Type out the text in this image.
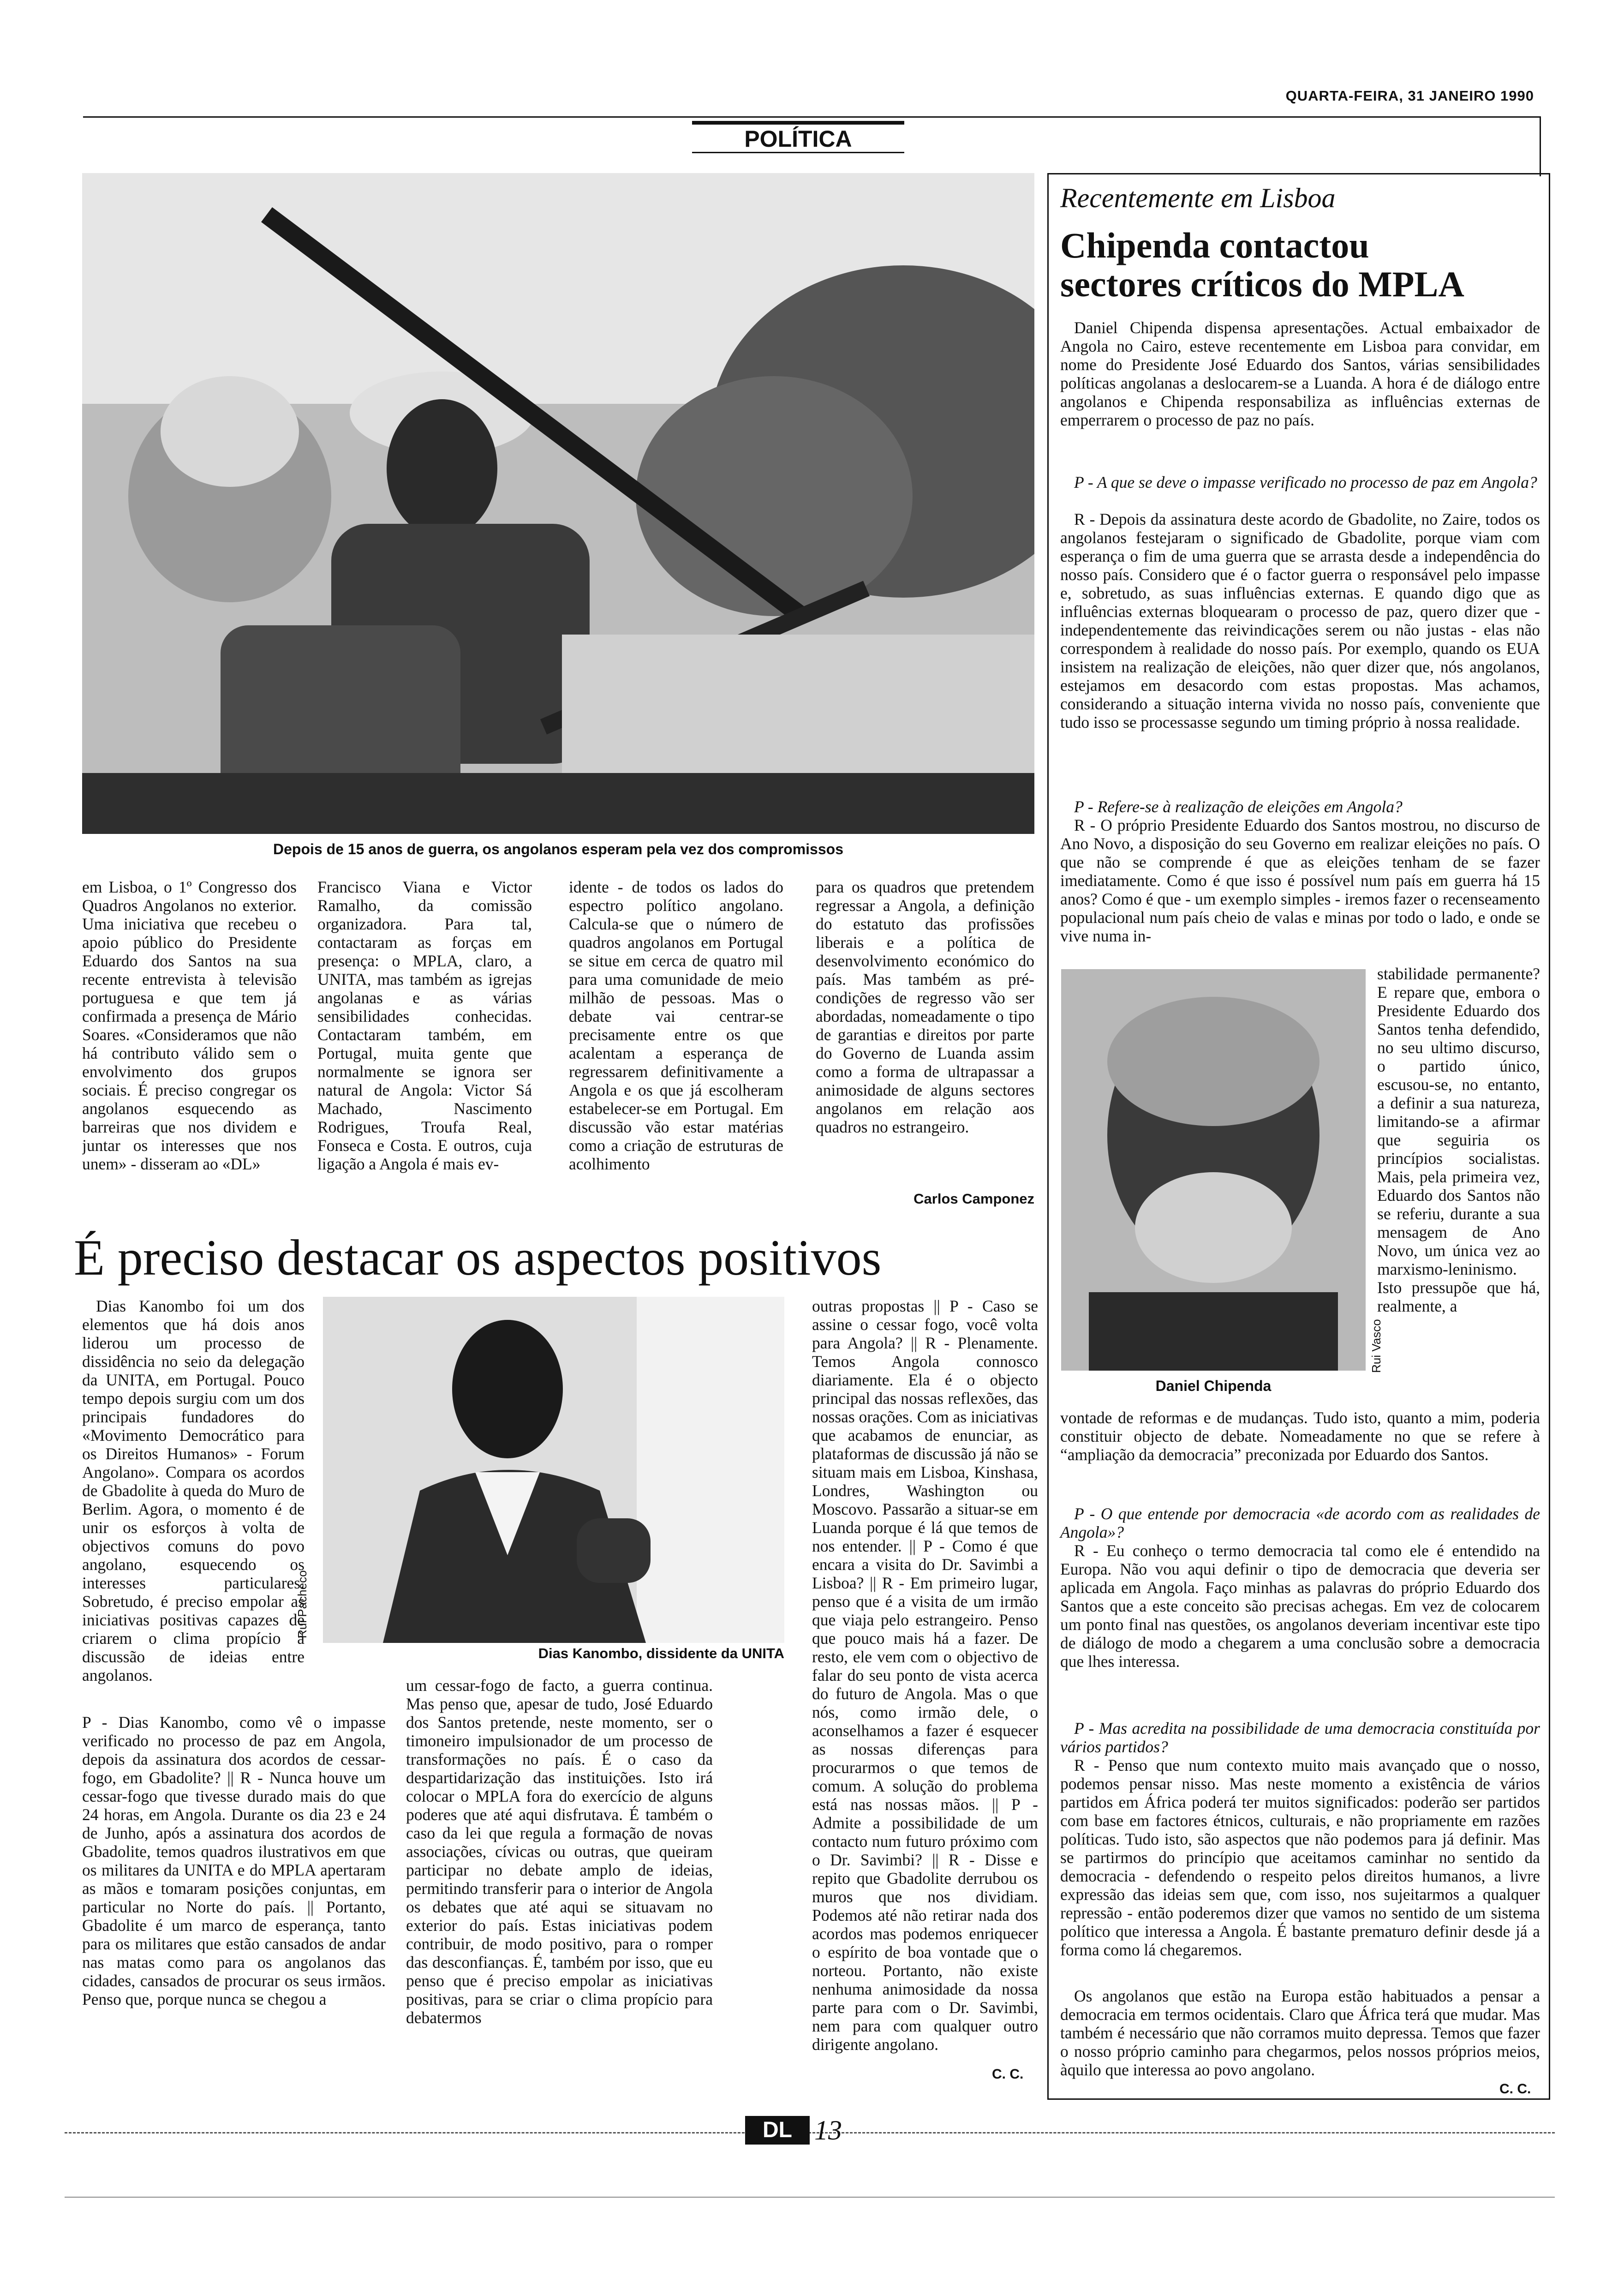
QUARTA-FEIRA, 31 JANEIRO 1990
POLÍTICA
Depois de 15 anos de guerra, os angolanos esperam pela vez dos compromissos
em Lisboa, o 1º Congresso dos Quadros Angolanos no exterior. Uma iniciativa que recebeu o apoio público do Presidente Eduardo dos Santos na sua recente entrevista à televisão portuguesa e que tem já confirmada a presença de Mário Soares. «Consideramos que não há contributo válido sem o envolvimento dos grupos sociais. É preciso congregar os angolanos esquecendo as barreiras que nos dividem e juntar os interesses que nos unem» - disseram ao «DL»
Francisco Viana e Victor Ramalho, da comissão organizadora. Para tal, contactaram as forças em presença: o MPLA, claro, a UNITA, mas também as igrejas angolanas e as várias sensibilidades conhecidas. Contactaram também, em Portugal, muita gente que normalmente se ignora ser natural de Angola: Victor Sá Machado, Nascimento Rodrigues, Troufa Real, Fonseca e Costa. E outros, cuja ligação a Angola é mais ev-
idente - de todos os lados do espectro político angolano. Calcula-se que o número de quadros angolanos em Portugal se situe em cerca de quatro mil para uma comunidade de meio milhão de pessoas. Mas o debate vai centrar-se precisamente entre os que acalentam a esperança de regressarem definitivamente a Angola e os que já escolheram estabelecer-se em Portugal. Em discussão vão estar matérias como a criação de estruturas de acolhimento
para os quadros que pretendem regressar a Angola, a definição do estatuto das profissões liberais e a política de desenvolvimento económico do país. Mas também as pré-condições de regresso vão ser abordadas, nomeadamente o tipo de garantias e direitos por parte do Governo de Luanda assim como a forma de ultrapassar a animosidade de alguns sectores angolanos em relação aos quadros no estrangeiro.
Carlos Camponez
É preciso destacar os aspectos positivos
Dias Kanombo foi um dos elementos que há dois anos liderou um processo de dissidência no seio da delegação da UNITA, em Portugal. Pouco tempo depois surgiu com um dos principais fundadores do «Movimento Democrático para os Direitos Humanos» - Forum Angolano». Compara os acordos de Gbadolite à queda do Muro de Berlim. Agora, o momento é de unir os esforços à volta de objectivos comuns do povo angolano, esquecendo os interesses particulares. Sobretudo, é preciso empolar as iniciativas positivas capazes de criarem o clima propício à discussão de ideias entre angolanos.
Rui Pacheco
Dias Kanombo, dissidente da UNITA
P - Dias Kanombo, como vê o impasse verificado no processo de paz em Angola, depois da assinatura dos acordos de cessar-fogo, em Gbadolite? || R - Nunca houve um cessar-fogo que tivesse durado mais do que 24 horas, em Angola. Durante os dia 23 e 24 de Junho, após a assinatura dos acordos de Gbadolite, temos quadros ilustrativos em que os militares da UNITA e do MPLA apertaram as mãos e tomaram posições conjuntas, em particular no Norte do país. || Portanto, Gbadolite é um marco de esperança, tanto para os militares que estão cansados de andar nas matas como para os angolanos das cidades, cansados de procurar os seus irmãos. Penso que, porque nunca se chegou a
um cessar-fogo de facto, a guerra continua. Mas penso que, apesar de tudo, José Eduardo dos Santos pretende, neste momento, ser o timoneiro impulsionador de um processo de transformações no país. É o caso da despartidarização das instituições. Isto irá colocar o MPLA fora do exercício de alguns poderes que até aqui disfrutava. É também o caso da lei que regula a formação de novas associações, cívicas ou outras, que queiram participar no debate amplo de ideias, permitindo transferir para o interior de Angola os debates que até aqui se situavam no exterior do país. Estas iniciativas podem contribuir, de modo positivo, para o romper das desconfianças. É, também por isso, que eu penso que é preciso empolar as iniciativas positivas, para se criar o clima propício para debatermos
outras propostas || P - Caso se assine o cessar fogo, você volta para Angola? || R - Plenamente. Temos Angola connosco diariamente. Ela é o objecto principal das nossas reflexões, das nossas orações. Com as iniciativas que acabamos de enunciar, as plataformas de discussão já não se situam mais em Lisboa, Kinshasa, Londres, Washington ou Moscovo. Passarão a situar-se em Luanda porque é lá que temos de nos entender. || P - Como é que encara a visita do Dr. Savimbi a Lisboa? || R - Em primeiro lugar, penso que é a visita de um irmão que viaja pelo estrangeiro. Penso que pouco mais há a fazer. De resto, ele vem com o objectivo de falar do seu ponto de vista acerca do futuro de Angola. Mas o que nós, como irmão dele, o aconselhamos a fazer é esquecer as nossas diferenças para procurarmos o que temos de comum. A solução do problema está nas nossas mãos. || P - Admite a possibilidade de um contacto num futuro próximo com o Dr. Savimbi? || R - Disse e repito que Gbadolite derrubou os muros que nos dividiam. Podemos até não retirar nada dos acordos mas podemos enriquecer o espírito de boa vontade que o norteou. Portanto, não existe nenhuma animosidade da nossa parte para com o Dr. Savimbi, nem para com qualquer outro dirigente angolano.
C. C.
Recentemente em Lisboa
Chipenda contactou
sectores críticos do MPLA
Daniel Chipenda dispensa apresentações. Actual embaixador de Angola no Cairo, esteve recentemente em Lisboa para convidar, em nome do Presidente José Eduardo dos Santos, várias sensibilidades políticas angolanas a deslocarem-se a Luanda. A hora é de diálogo entre angolanos e Chipenda responsabiliza as influências externas de emperrarem o processo de paz no país.
P - A que se deve o impasse verificado no processo de paz em Angola?
R - Depois da assinatura deste acordo de Gbadolite, no Zaire, todos os angolanos festejaram o significado de Gbadolite, porque viam com esperança o fim de uma guerra que se arrasta desde a independência do nosso país. Considero que é o factor guerra o responsável pelo impasse e, sobretudo, as suas influências externas. E quando digo que as influências externas bloquearam o processo de paz, quero dizer que - independentemente das reivindicações serem ou não justas - elas não correspondem à realidade do nosso país. Por exemplo, quando os EUA insistem na realização de eleições, não quer dizer que, nós angolanos, estejamos em desacordo com estas propostas. Mas achamos, considerando a situação interna vivida no nosso país, conveniente que tudo isso se processasse segundo um timing próprio à nossa realidade.
P - Refere-se à realização de eleições em Angola?
R - O próprio Presidente Eduardo dos Santos mostrou, no discurso de Ano Novo, a disposição do seu Governo em realizar eleições no país. O que não se comprende é que as eleições tenham de se fazer imediatamente. Como é que isso é possível num país em guerra há 15 anos? Como é que - um exemplo simples - iremos fazer o recenseamento populacional num país cheio de valas e minas por todo o lado, e onde se vive numa in-
Rui Vasco
Daniel Chipenda
stabilidade permanente? E repare que, embora o Presidente Eduardo dos Santos tenha defendido, no seu ultimo discurso, o partido único, escusou-se, no entanto, a definir a sua natureza, limitando-se a afirmar que seguiria os princípios socialistas. Mais, pela primeira vez, Eduardo dos Santos não se referiu, durante a sua mensagem de Ano Novo, um única vez ao marxismo-leninismo. Isto pressupõe que há, realmente, a
vontade de reformas e de mudanças. Tudo isto, quanto a mim, poderia constituir objecto de debate. Nomeadamente no que se refere à “ampliação da democracia” preconizada por Eduardo dos Santos.
P - O que entende por democracia «de acordo com as realidades de Angola»?
R - Eu conheço o termo democracia tal como ele é entendido na Europa. Não vou aqui definir o tipo de democracia que deveria ser aplicada em Angola. Faço minhas as palavras do próprio Eduardo dos Santos que a este conceito são precisas achegas. Em vez de colocarem um ponto final nas questões, os angolanos deveriam incentivar este tipo de diálogo de modo a chegarem a uma conclusão sobre a democracia que lhes interessa.
P - Mas acredita na possibilidade de uma democracia constituída por vários partidos?
R - Penso que num contexto muito mais avançado que o nosso, podemos pensar nisso. Mas neste momento a existência de vários partidos em África poderá ter muitos significados: poderão ser partidos com base em factores étnicos, culturais, e não propriamente em razões políticas. Tudo isto, são aspectos que não podemos para já definir. Mas se partirmos do princípio que aceitamos caminhar no sentido da democracia - defendendo o respeito pelos direitos humanos, a livre expressão das ideias sem que, com isso, nos sujeitarmos a qualquer repressão - então poderemos dizer que vamos no sentido de um sistema político que interessa a Angola. É bastante prematuro definir desde já a forma como lá chegaremos.
Os angolanos que estão na Europa estão habituados a pensar a democracia em termos ocidentais. Claro que África terá que mudar. Mas também é necessário que não corramos muito depressa. Temos que fazer o nosso próprio caminho para chegarmos, pelos nossos próprios meios, àquilo que interessa ao povo angolano.
C. C.
DL 13
